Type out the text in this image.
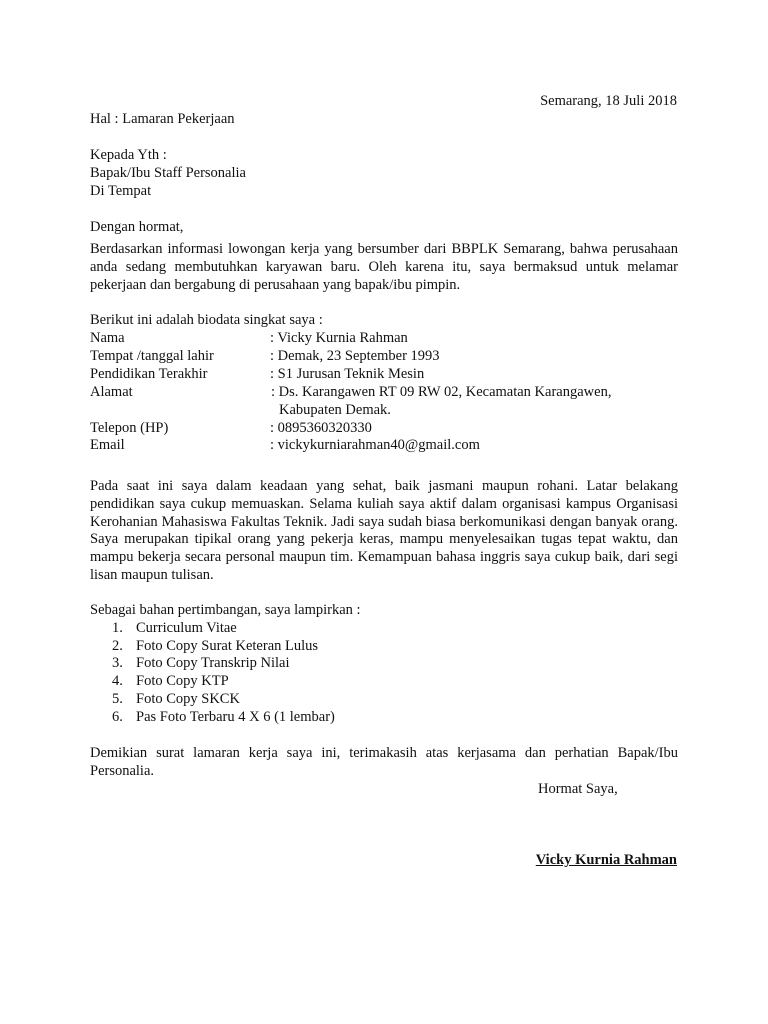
Semarang, 18 Juli 2018
Hal : Lamaran Pekerjaan
Kepada Yth :
Bapak/Ibu Staff Personalia
Di Tempat
Dengan hormat,
Berdasarkan informasi lowongan kerja yang bersumber dari BBPLK Semarang, bahwa perusahaan anda sedang membutuhkan karyawan baru. Oleh karena itu, saya bermaksud untuk melamar pekerjaan dan bergabung di perusahaan yang bapak/ibu pimpin.
Berikut ini adalah biodata singkat saya :
Nama	: Vicky Kurnia Rahman
Tempat /tanggal lahir	: Demak, 23 September 1993
Pendidikan Terakhir	: S1 Jurusan Teknik Mesin
Alamat	: Ds. Karangawen RT 09 RW 02, Kecamatan Karangawen,
Kabupaten Demak.
Telepon (HP)	: 0895360320330
Email	: vickykurniarahman40@gmail.com
Pada saat ini saya dalam keadaan yang sehat, baik jasmani maupun rohani. Latar belakang pendidikan saya cukup memuaskan. Selama kuliah saya aktif dalam organisasi kampus Organisasi Kerohanian Mahasiswa Fakultas Teknik. Jadi saya sudah biasa berkomunikasi dengan banyak orang. Saya merupakan tipikal orang yang pekerja keras, mampu menyelesaikan tugas tepat waktu, dan mampu bekerja secara personal maupun tim. Kemampuan bahasa inggris saya cukup baik, dari segi lisan maupun tulisan.
Sebagai bahan pertimbangan, saya lampirkan :
1. Curriculum Vitae
2. Foto Copy Surat Keteran Lulus
3. Foto Copy Transkrip Nilai
4. Foto Copy KTP
5. Foto Copy SKCK
6. Pas Foto Terbaru 4 X 6 (1 lembar)
Demikian surat lamaran kerja saya ini, terimakasih atas kerjasama dan perhatian Bapak/Ibu Personalia.
Hormat Saya,
Vicky Kurnia Rahman
